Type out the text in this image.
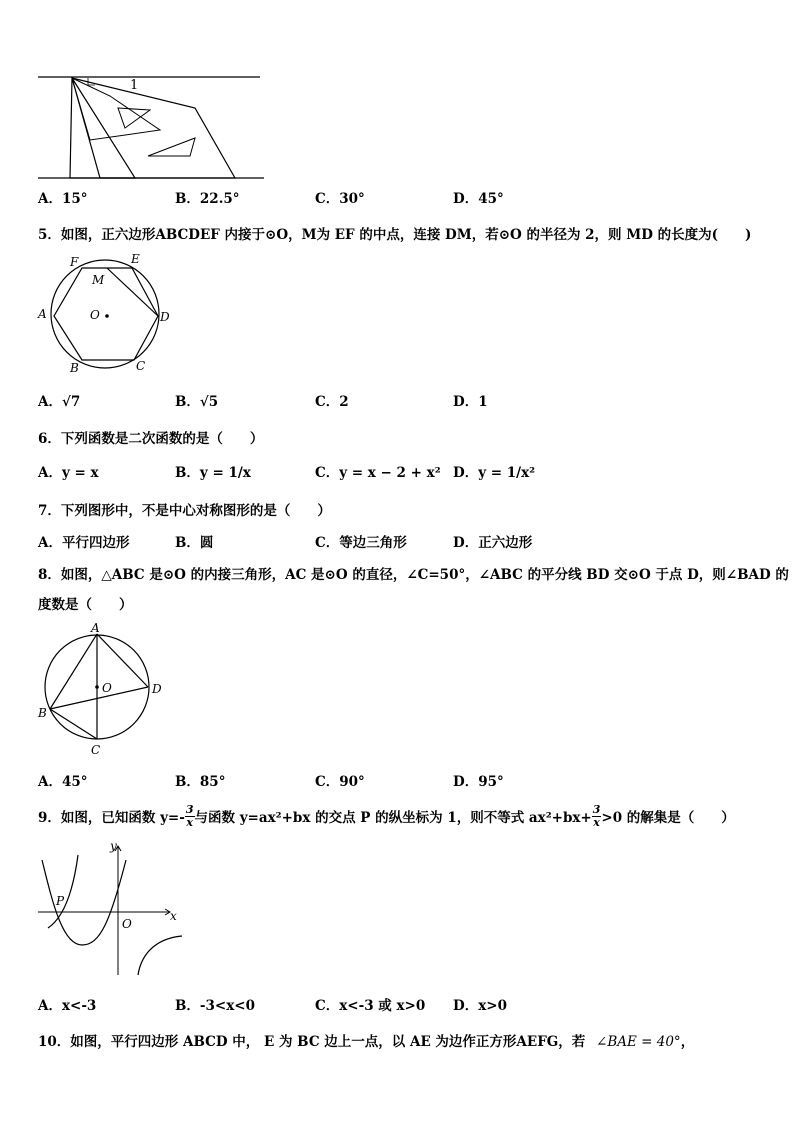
1
A．15°	B．22.5°	C．30°	D．45°
5．如图，正六边形ABCDEF 内接于⊙O，M为 EF 的中点，连接 DM，若⊙O 的半径为 2，则 MD 的长度为(　　)
F	E
M
A	O	D
B	C
A．√7	B．√5	C．2	D．1
6．下列函数是二次函数的是（　　）
A．y = x	B．y = 1/x	C．y = x − 2 + x² D．y = 1/x²
7．下列图形中，不是中心对称图形的是（　　）
A．平行四边形	B．圆	C．等边三角形	D．正六边形
8．如图，△ABC 是⊙O 的内接三角形，AC 是⊙O 的直径，∠C=50°，∠ABC 的平分线 BD 交⊙O 于点 D，则∠BAD 的
度数是（　　）
A
O	D
B
C
A．45°	B．85°	C．90°	D．95°
9．如图，已知函数 $y=- \frac{3}{x}$ 与函数 y=ax²+bx 的交点 P 的纵坐标为 1，则不等式 $ax^2+bx+ \frac{3}{x} >0$ 的解集是（　　）
y
P
O
x
A．x<-3	B．-3<x<0	C．x<-3 或 x>0 D．x>0
10．如图，平行四边形 ABCD 中， E 为 BC 边上一点，以 AE 为边作正方形AEFG，若 ∠BAE = 40°，
